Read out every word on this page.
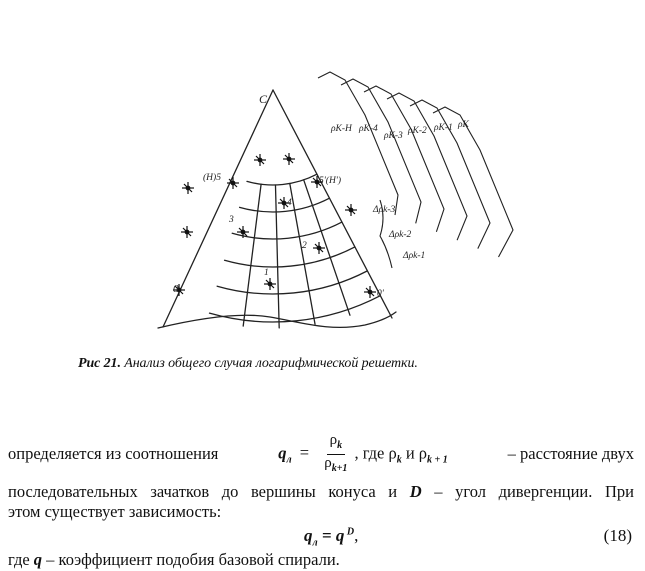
C
0	0'
(H)5	5'(H')
1
2
3
4
ρK-H ρK-4
ρK-3 ρK-2 ρK-1 ρK
Δρk-3
Δρk-2
Δρk-1
Рис 21. Анализ общего случая логарифмической решетки.
определяется из соотношения	$q_л = \frac{\rho_k}{\rho_{k+1}}$ , где $\rho_k$ и $\rho_{k + 1}$	– расстояние двух
последовательных зачатков до вершины конуса и D – угол дивергенции. При
этом существует зависимость:
$q_л = q$ $^D$,	(18)
где q – коэффициент подобия базовой спирали.
